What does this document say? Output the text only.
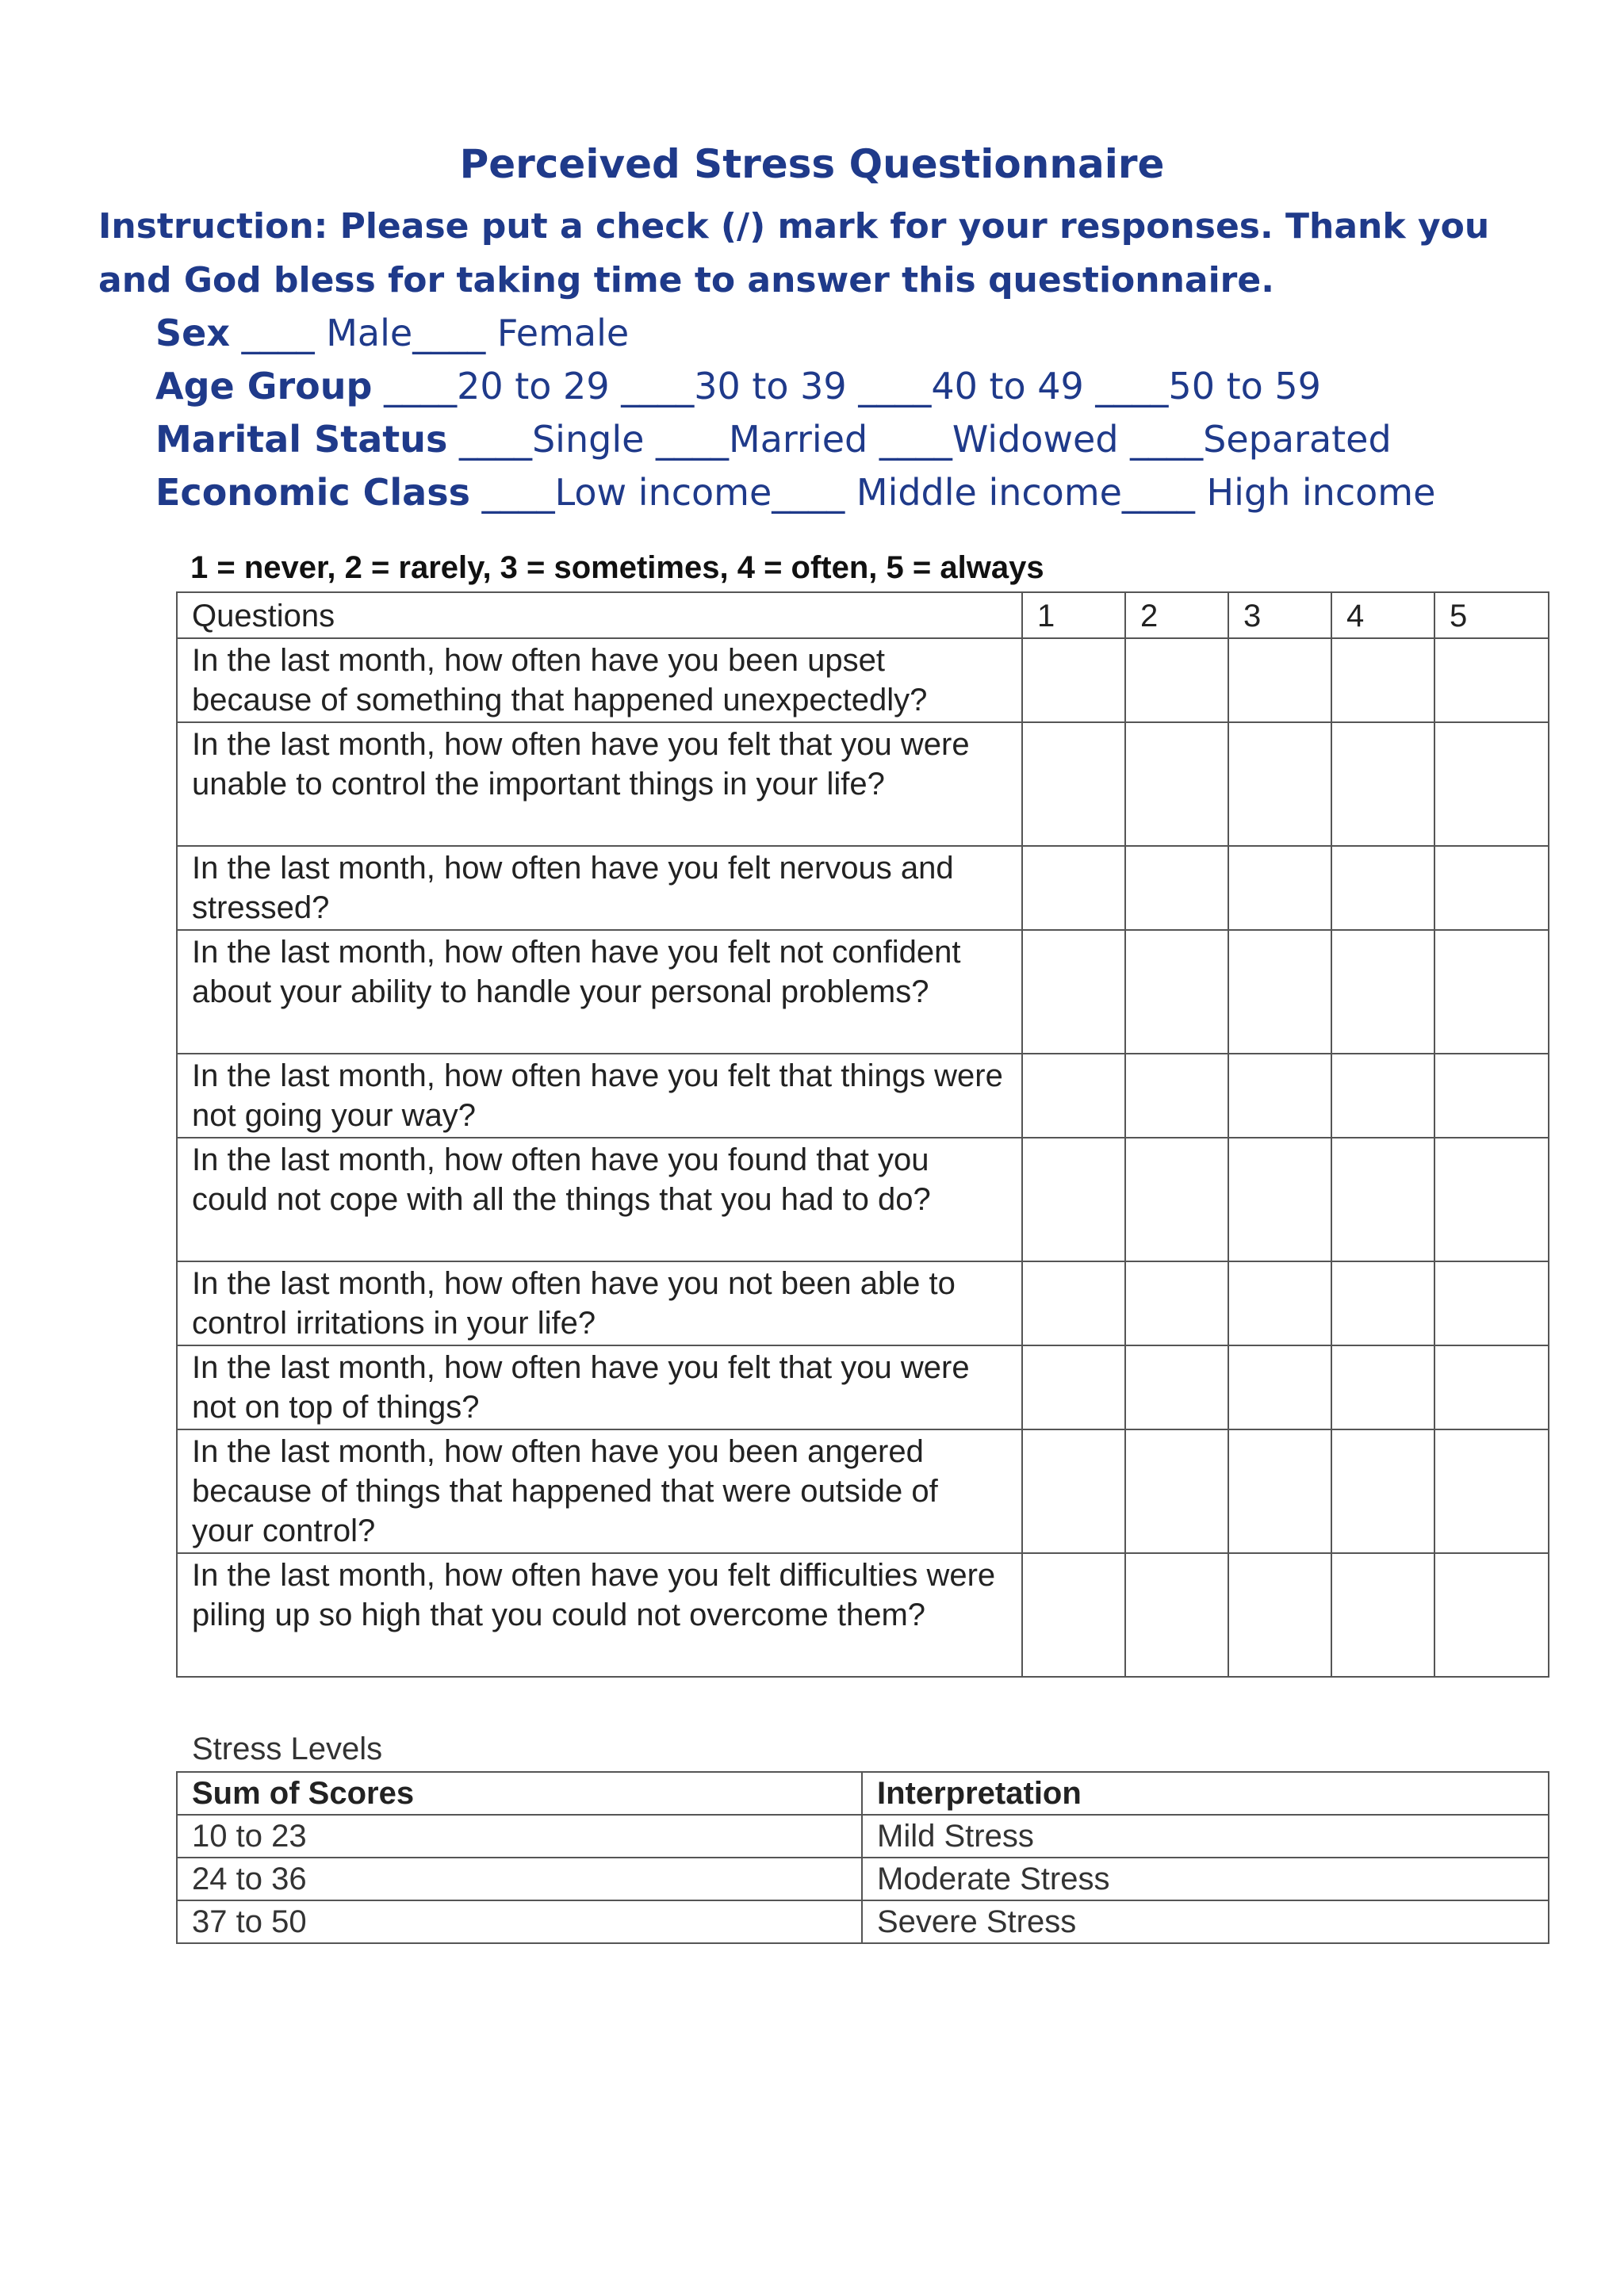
Perceived Stress Questionnaire
Instruction: Please put a check (/) mark for your responses. Thank you and God bless for taking time to answer this questionnaire.
Sex ____ Male____ Female
Age Group ____20 to 29 ____30 to 39 ____40 to 49 ____50 to 59
Marital Status ____Single ____Married ____Widowed ____Separated
Economic Class ____Low income____ Middle income____ High income
1 = never, 2 = rarely, 3 = sometimes, 4 = often, 5 = always
Questions	1	2	3	4	5
In the last month, how often have you been upset because of something that happened unexpectedly?					
In the last month, how often have you felt that you were unable to control the important things in your life?					
In the last month, how often have you felt nervous and stressed?					
In the last month, how often have you felt not confident about your ability to handle your personal problems?					
In the last month, how often have you felt that things were not going your way?					
In the last month, how often have you found that you could not cope with all the things that you had to do?					
In the last month, how often have you not been able to control irritations in your life?					
In the last month, how often have you felt that you were not on top of things?					
In the last month, how often have you been angered because of things that happened that were outside of your control?					
In the last month, how often have you felt difficulties were piling up so high that you could not overcome them?					
Stress Levels
Sum of Scores	Interpretation
10 to 23	Mild Stress
24 to 36	Moderate Stress
37 to 50	Severe Stress
